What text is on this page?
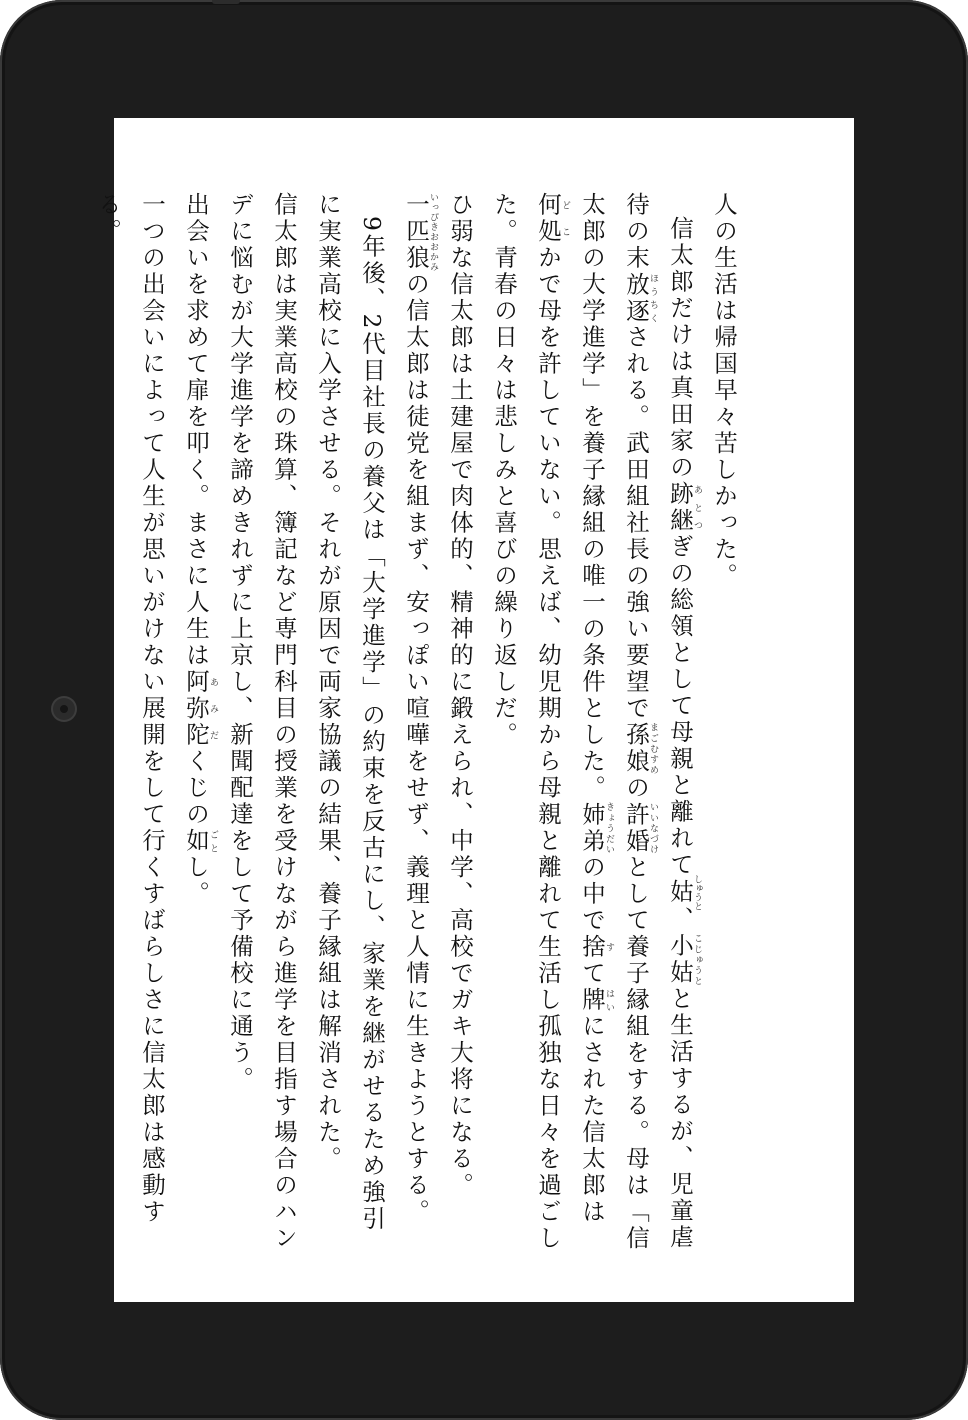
人の生活は帰国早々苦しかった。

信太郎だけは真田家の跡継あとつぎの総領として母親と離れて姑しゅうと、小姑こじゅうとと生活するが、児童虐待の末放逐ほうちくされる。武田組社長の強い要望で孫娘まごむすめの許婚いいなづけとして養子縁組をする。母は「信太郎の大学進学」を養子縁組の唯一の条件とした。姉弟きょうだいの中で捨すて牌はいにされた信太郎は何処どこかで母を許していない。思えば、幼児期から母親と離れて生活し孤独な日々を過ごした。青春の日々は悲しみと喜びの繰り返しだ。

ひ弱な信太郎は土建屋で肉体的、精神的に鍛えられ、中学、高校でガキ大将になる。一匹狼いっぴきおおかみの信太郎は徒党を組まず、安っぽい喧嘩をせず、義理と人情に生きようとする。

9年後、2代目社長の養父は「大学進学」の約束を反古にし、家業を継がせるため強引に実業高校に入学させる。それが原因で両家協議の結果、養子縁組は解消された。

信太郎は実業高校の珠算、簿記など専門科目の授業を受けながら進学を目指す場合のハンデに悩むが大学進学を諦めきれずに上京し、新聞配達をして予備校に通う。

出会いを求めて扉を叩く。まさに人生は阿弥陀あみだくじの如ごとし。

一つの出会いによって人生が思いがけない展開をして行くすばらしさに信太郎は感動する。
